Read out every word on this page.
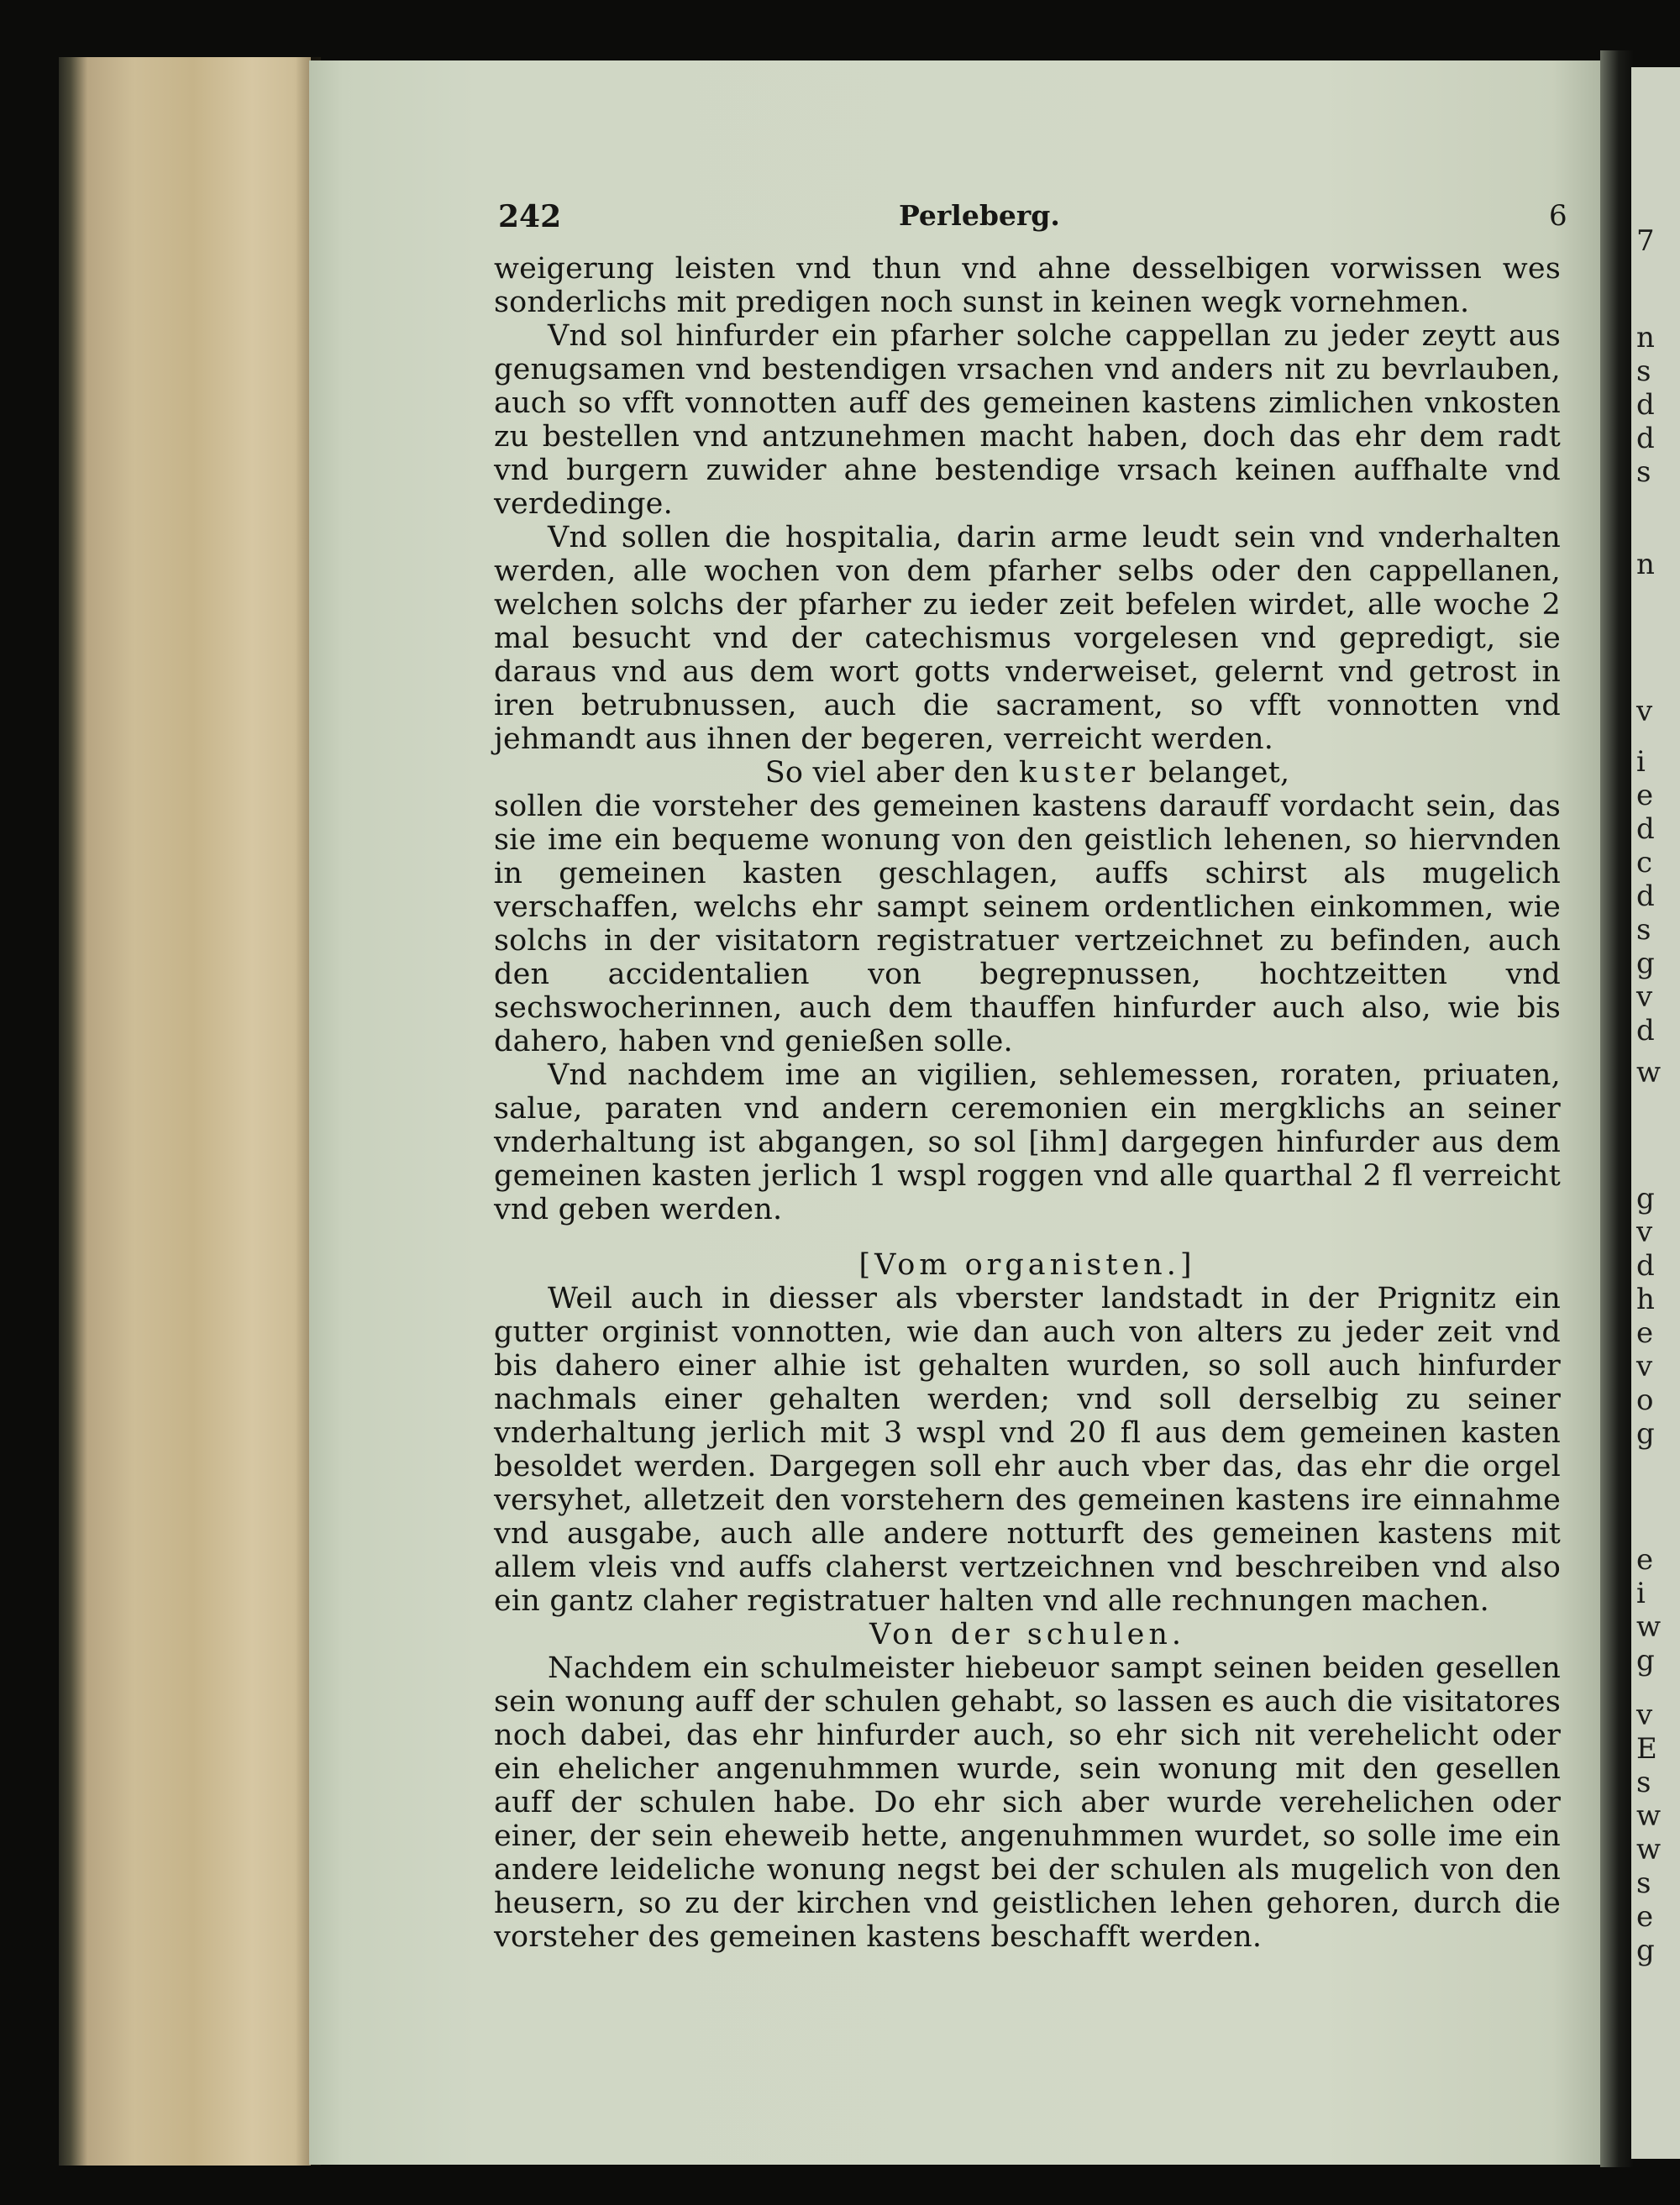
242	Perleberg.	6

weigerung leisten vnd thun vnd ahne desselbigen vorwissen wes sonderlichs mit predigen noch sunst in keinen wegk vornehmen.

Vnd sol hinfurder ein pfarher solche cappellan zu jeder zeytt aus genugsamen vnd bestendigen vrsachen vnd anders nit zu bevrlauben, auch so vfft vonnotten auff des gemeinen kastens zimlichen vnkosten zu bestellen vnd antzunehmen macht haben, doch das ehr dem radt vnd burgern zuwider ahne bestendige vrsach keinen auffhalte vnd verdedinge.

Vnd sollen die hospitalia, darin arme leudt sein vnd vnderhalten werden, alle wochen von dem pfarher selbs oder den cappellanen, welchen solchs der pfarher zu ieder zeit befelen wirdet, alle woche 2 mal besucht vnd der catechismus vorgelesen vnd gepredigt, sie daraus vnd aus dem wort gotts vnderweiset, gelernt vnd getrost in iren betrubnussen, auch die sacrament, so vfft vonnotten vnd jehmandt aus ihnen der begeren, verreicht werden.

So viel aber den kuster belanget,

sollen die vorsteher des gemeinen kastens darauff vordacht sein, das sie ime ein bequeme wonung von den geistlich lehenen, so hiervnden in gemeinen kasten geschlagen, auffs schirst als mugelich verschaffen, welchs ehr sampt seinem ordentlichen einkommen, wie solchs in der visitatorn registratuer vertzeichnet zu befinden, auch den accidentalien von begrepnussen, hochtzeitten vnd sechswocherinnen, auch dem thauffen hinfurder auch also, wie bis dahero, haben vnd genießen solle.

Vnd nachdem ime an vigilien, sehlemessen, roraten, priuaten, salue, paraten vnd andern ceremonien ein mergklichs an seiner vnderhaltung ist abgangen, so sol [ihm] dargegen hinfurder aus dem gemeinen kasten jerlich 1 wspl roggen vnd alle quarthal 2 fl verreicht vnd geben werden.

[Vom organisten.]

Weil auch in diesser als vberster landstadt in der Prignitz ein gutter orginist vonnotten, wie dan auch von alters zu jeder zeit vnd bis dahero einer alhie ist gehalten wurden, so soll auch hinfurder nachmals einer gehalten werden; vnd soll derselbig zu seiner vnderhaltung jerlich mit 3 wspl vnd 20 fl aus dem gemeinen kasten besoldet werden. Dargegen soll ehr auch vber das, das ehr die orgel versyhet, alletzeit den vorstehern des gemeinen kastens ire einnahme vnd ausgabe, auch alle andere notturft des gemeinen kastens mit allem vleis vnd auffs claherst vertzeichnen vnd beschreiben vnd also ein gantz claher registratuer halten vnd alle rechnungen machen.

Von der schulen.

Nachdem ein schulmeister hiebeuor sampt seinen beiden gesellen sein wonung auff der schulen gehabt, so lassen es auch die visitatores noch dabei, das ehr hinfurder auch, so ehr sich nit verehelicht oder ein ehelicher angenuhmmen wurde, sein wonung mit den gesellen auff der schulen habe. Do ehr sich aber wurde verehelichen oder einer, der sein eheweib hette, angenuhmmen wurdet, so solle ime ein andere leideliche wonung negst bei der schulen als mugelich von den heusern, so zu der kirchen vnd geistlichen lehen gehoren, durch die vorsteher des gemeinen kastens beschafft werden.

7
n
s
d
d
s
n
v
i
e
d
c
d
s
g
v
d
w
g
v
d
h
e
v
o
g
e
i
w
g
v
E
s
w
w
s
e
g
